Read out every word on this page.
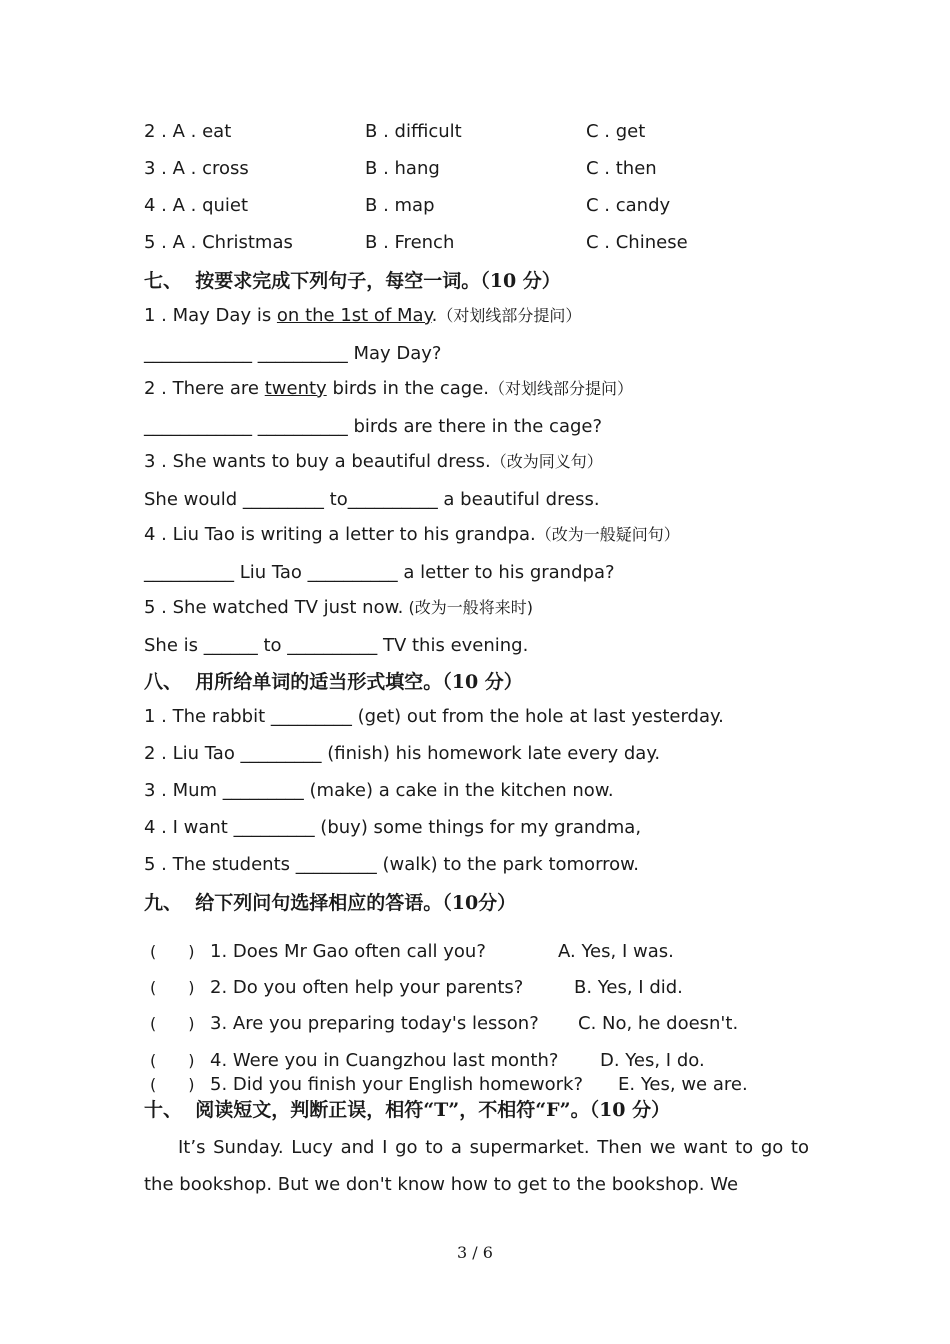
2 . A . eat	B . difficult	C . get
3 . A . cross	B . hang	C . then
4 . A . quiet	B . map	C . candy
5 . A . Christmas	B . French	C . Chinese
七、  按要求完成下列句子，每空一词。（10 分）
1 . May Day is on the 1st of May.（对划线部分提问）
____________ __________ May Day?
2 . There are twenty birds in the cage.（对划线部分提问）
____________ __________ birds are there in the cage?
3 . She wants to buy a beautiful dress.（改为同义句）
She would _________ to__________ a beautiful dress.
4 . Liu Tao is writing a letter to his grandpa.（改为一般疑问句）
__________ Liu Tao __________ a letter to his grandpa?
5 . She watched TV just now. (改为一般将来时)
She is ______ to __________ TV this evening.
八、  用所给单词的适当形式填空。（10 分）
1 . The rabbit _________ (get) out from the hole at last yesterday.
2 . Liu Tao _________ (finish) his homework late every day.
3 . Mum _________ (make) a cake in the kitchen now.
4 . I want _________ (buy) some things for my grandma,
5 . The students _________ (walk) to the park tomorrow.
九、  给下列问句选择相应的答语。（10分）
(　　) 1. Does Mr Gao often call you?	A. Yes, I was.
(　　) 2. Do you often help your parents?	B. Yes, I did.
(　　) 3. Are you preparing today's lesson? C. No, he doesn't.
(　　) 4. Were you in Cuangzhou last month? D. Yes, I do.
(　　) 5. Did you finish your English homework? E. Yes, we are.
十、  阅读短文，判断正误，相符“T”，不相符“F”。（10 分）
It’s Sunday. Lucy and I go to a supermarket. Then we want to go to the bookshop. But we don't know how to get to the bookshop. We
3 / 6
